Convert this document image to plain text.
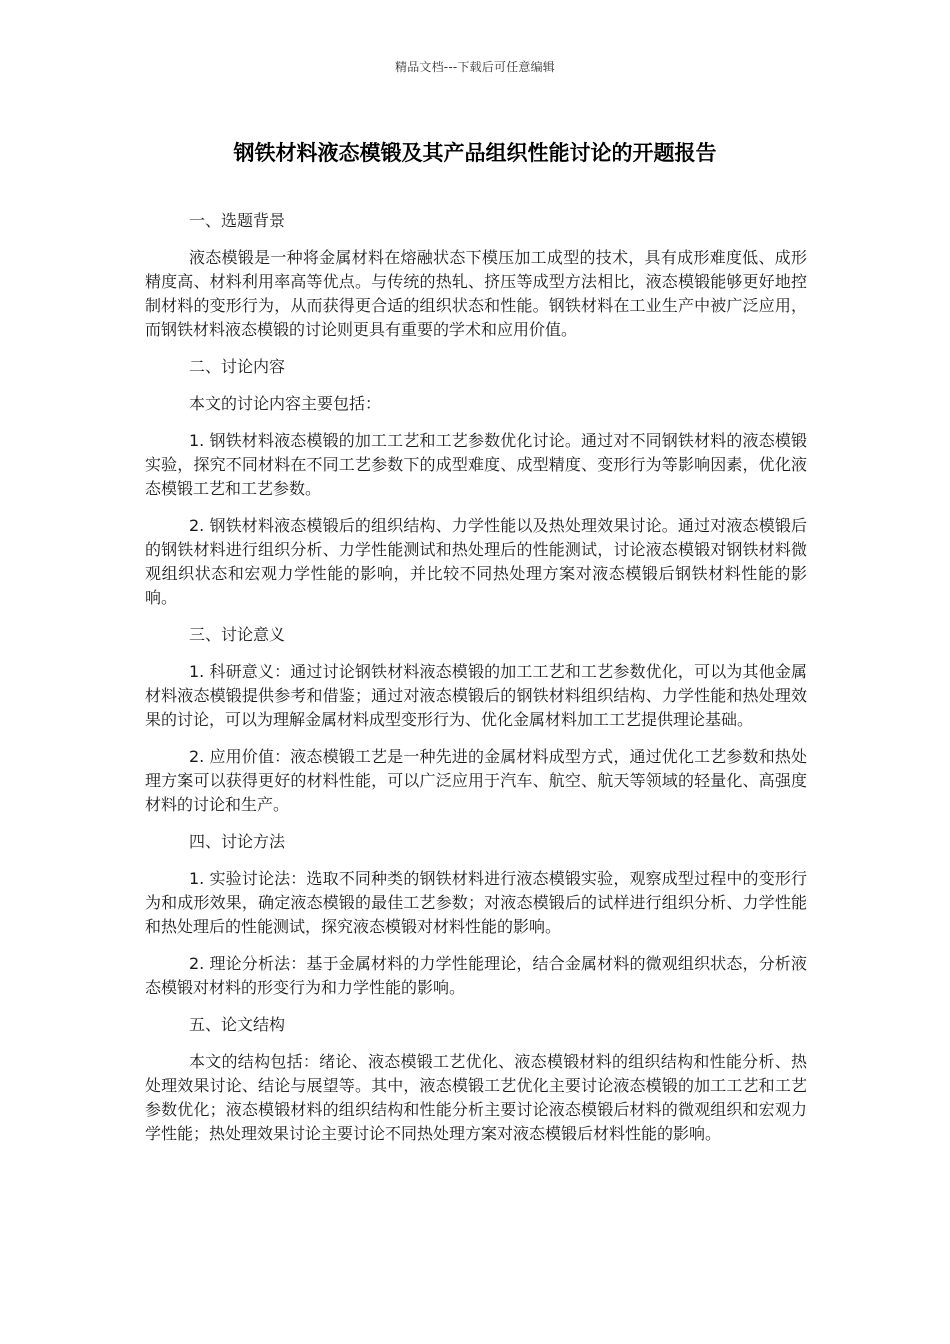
精品文档---下载后可任意编辑
钢铁材料液态模锻及其产品组织性能讨论的开题报告

一、选题背景

液态模锻是一种将金属材料在熔融状态下模压加工成型的技术，具有成形难度低、成形精度高、材料利用率高等优点。与传统的热轧、挤压等成型方法相比，液态模锻能够更好地控制材料的变形行为，从而获得更合适的组织状态和性能。钢铁材料在工业生产中被广泛应用，而钢铁材料液态模锻的讨论则更具有重要的学术和应用价值。

二、讨论内容

本文的讨论内容主要包括：

1. 钢铁材料液态模锻的加工工艺和工艺参数优化讨论。通过对不同钢铁材料的液态模锻实验，探究不同材料在不同工艺参数下的成型难度、成型精度、变形行为等影响因素，优化液态模锻工艺和工艺参数。

2. 钢铁材料液态模锻后的组织结构、力学性能以及热处理效果讨论。通过对液态模锻后的钢铁材料进行组织分析、力学性能测试和热处理后的性能测试，讨论液态模锻对钢铁材料微观组织状态和宏观力学性能的影响，并比较不同热处理方案对液态模锻后钢铁材料性能的影响。

三、讨论意义

1. 科研意义：通过讨论钢铁材料液态模锻的加工工艺和工艺参数优化，可以为其他金属材料液态模锻提供参考和借鉴；通过对液态模锻后的钢铁材料组织结构、力学性能和热处理效果的讨论，可以为理解金属材料成型变形行为、优化金属材料加工工艺提供理论基础。

2. 应用价值：液态模锻工艺是一种先进的金属材料成型方式，通过优化工艺参数和热处理方案可以获得更好的材料性能，可以广泛应用于汽车、航空、航天等领域的轻量化、高强度材料的讨论和生产。

四、讨论方法

1. 实验讨论法：选取不同种类的钢铁材料进行液态模锻实验，观察成型过程中的变形行为和成形效果，确定液态模锻的最佳工艺参数；对液态模锻后的试样进行组织分析、力学性能和热处理后的性能测试，探究液态模锻对材料性能的影响。

2. 理论分析法：基于金属材料的力学性能理论，结合金属材料的微观组织状态，分析液态模锻对材料的形变行为和力学性能的影响。

五、论文结构

本文的结构包括：绪论、液态模锻工艺优化、液态模锻材料的组织结构和性能分析、热处理效果讨论、结论与展望等。其中，液态模锻工艺优化主要讨论液态模锻的加工工艺和工艺参数优化；液态模锻材料的组织结构和性能分析主要讨论液态模锻后材料的微观组织和宏观力学性能；热处理效果讨论主要讨论不同热处理方案对液态模锻后材料性能的影响。
